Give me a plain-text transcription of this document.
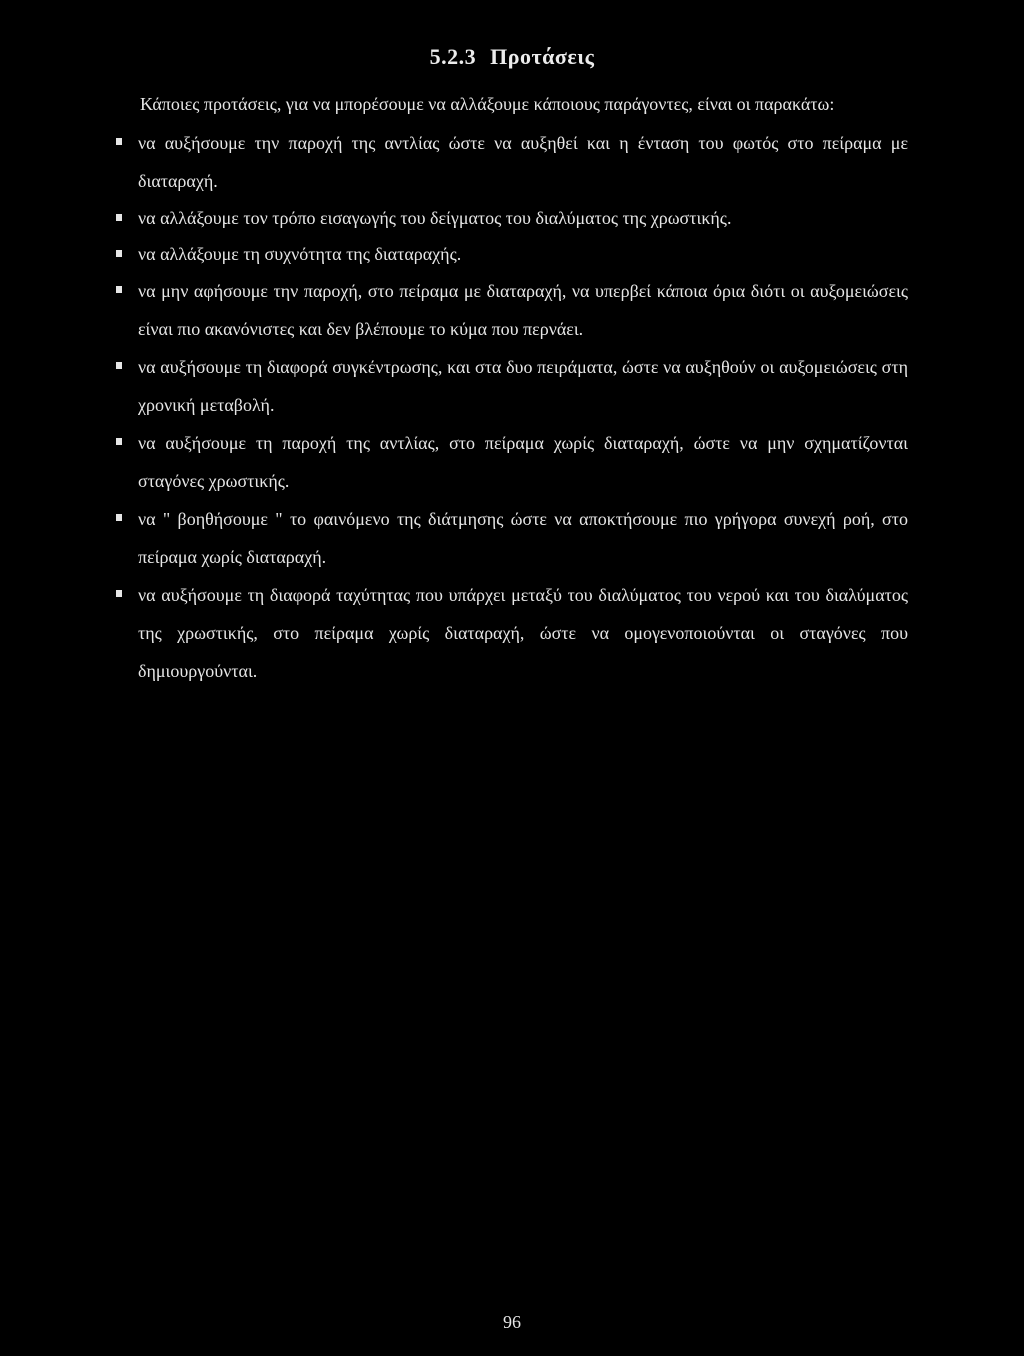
5.2.3 Προτάσεις

Κάποιες προτάσεις, για να μπορέσουμε να αλλάξουμε κάποιους παράγοντες, είναι οι παρακάτω:

να αυξήσουμε την παροχή της αντλίας ώστε να αυξηθεί και η ένταση του φωτός στο πείραμα με διαταραχή.
να αλλάξουμε τον τρόπο εισαγωγής του δείγματος του διαλύματος της χρωστικής.
να αλλάξουμε τη συχνότητα της διαταραχής.
να μην αφήσουμε την παροχή, στο πείραμα με διαταραχή, να υπερβεί κάποια όρια διότι οι αυξομειώσεις είναι πιο ακανόνιστες και δεν βλέπουμε το κύμα που περνάει.
να αυξήσουμε τη διαφορά συγκέντρωσης, και στα δυο πειράματα, ώστε να αυξηθούν οι αυξομειώσεις στη χρονική μεταβολή.
να αυξήσουμε τη παροχή της αντλίας, στο πείραμα χωρίς διαταραχή, ώστε να μην σχηματίζονται σταγόνες χρωστικής.
να " βοηθήσουμε " το φαινόμενο της διάτμησης ώστε να αποκτήσουμε πιο γρήγορα συνεχή ροή, στο πείραμα χωρίς διαταραχή.
να αυξήσουμε τη διαφορά ταχύτητας που υπάρχει μεταξύ του διαλύματος του νερού και του διαλύματος της χρωστικής, στο πείραμα χωρίς διαταραχή, ώστε να ομογενοποιούνται οι σταγόνες που δημιουργούνται.
96
